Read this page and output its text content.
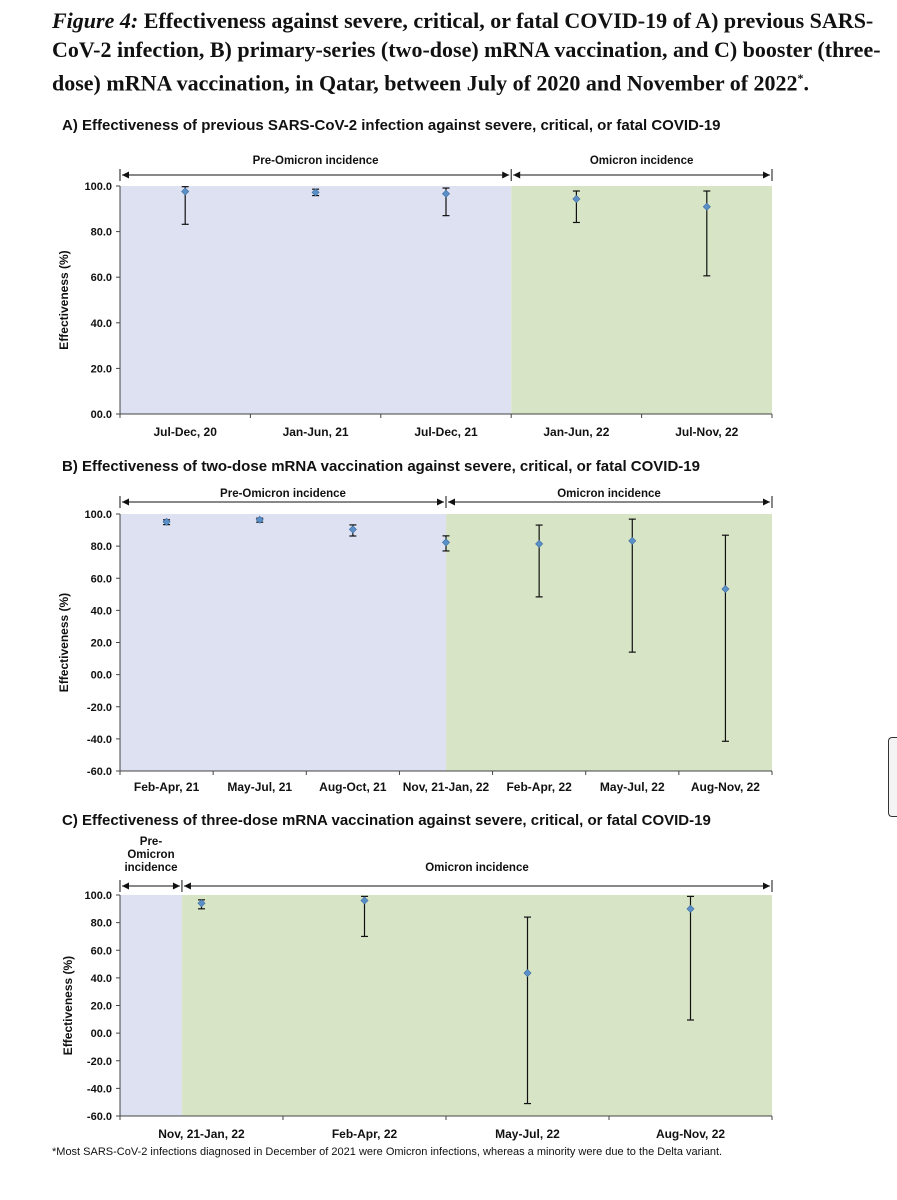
Figure 4: Effectiveness against severe, critical, or fatal COVID-19 of A) previous SARS-
CoV-2 infection, B) primary-series (two-dose) mRNA vaccination, and C) booster (three-
dose) mRNA vaccination, in Qatar, between July of 2020 and November of 2022*.
A) Effectiveness of previous SARS-CoV-2 infection against severe, critical, or fatal COVID-19
Pre-Omicron incidence	Omicron incidence
00.0
20.0
40.0
60.0
80.0
100.0
Jul-Dec, 20	Jan-Jun, 21	Jul-Dec, 21	Jan-Jun, 22	Jul-Nov, 22
Effectiveness (%)
B) Effectiveness of two-dose mRNA vaccination against severe, critical, or fatal COVID-19
Pre-Omicron incidence	Omicron incidence
-60.0
-40.0
-20.0
00.0
20.0
40.0
60.0
80.0
100.0
Feb-Apr, 21 May-Jul, 21 Aug-Oct, 21 Nov, 21-Jan, 22 Feb-Apr, 22 May-Jul, 22 Aug-Nov, 22
Effectiveness (%)
C) Effectiveness of three-dose mRNA vaccination against severe, critical, or fatal COVID-19
Pre-Omicron incidence	Omicron incidence
-60.0
-40.0
-20.0
00.0
20.0
40.0
60.0
80.0
100.0
Nov, 21-Jan, 22	Feb-Apr, 22	May-Jul, 22	Aug-Nov, 22
Effectiveness (%)
*Most SARS-CoV-2 infections diagnosed in December of 2021 were Omicron infections, whereas a minority were due to the Delta variant.
